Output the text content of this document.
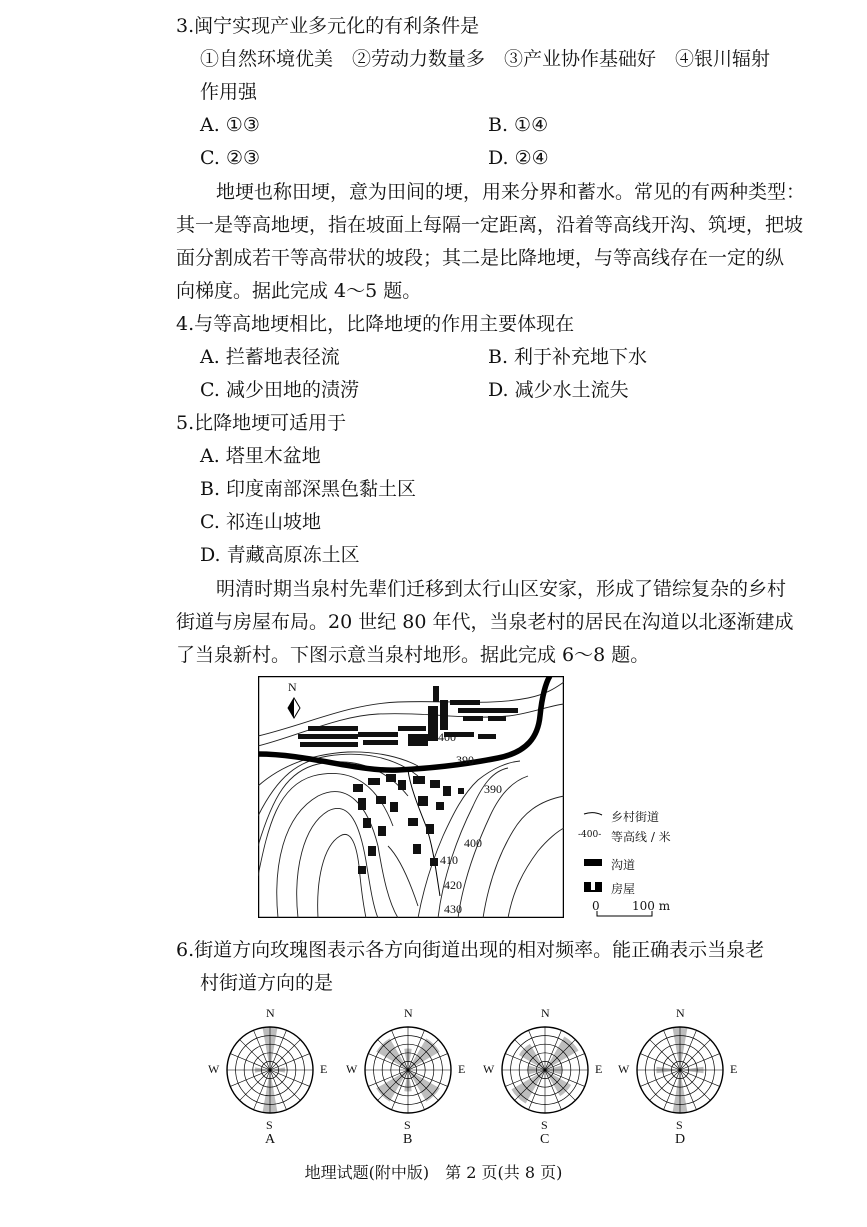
3.闽宁实现产业多元化的有利条件是
①自然环境优美　②劳动力数量多　③产业协作基础好　④银川辐射
作用强
A. ①③	B. ①④
C. ②③	D. ②④
地埂也称田埂，意为田间的埂，用来分界和蓄水。常见的有两种类型：
其一是等高地埂，指在坡面上每隔一定距离，沿着等高线开沟、筑埂，把坡
面分割成若干等高带状的坡段；其二是比降地埂，与等高线存在一定的纵
向梯度。据此完成 4～5 题。
4.与等高地埂相比，比降地埂的作用主要体现在
A. 拦蓄地表径流	B. 利于补充地下水
C. 减少田地的渍涝	D. 减少水土流失
5.比降地埂可适用于
A. 塔里木盆地
B. 印度南部深黑色黏土区
C. 祁连山坡地
D. 青藏高原冻土区
明清时期当泉村先辈们迁移到太行山区安家，形成了错综复杂的乡村
街道与房屋布局。20 世纪 80 年代，当泉老村的居民在沟道以北逐渐建成
了当泉新村。下图示意当泉村地形。据此完成 6～8 题。
N
400
390
390
400
410
420
430
乡村街道
-400- 等高线 / 米
沟道
房屋
0	100 m
6.街道方向玫瑰图表示各方向街道出现的相对频率。能正确表示当泉老
村街道方向的是
N
S
W	E
A
N
S
W	E
B
N
S
W	E
C
N
S
W	E
D
地理试题(附中版)　第 2 页(共 8 页)
